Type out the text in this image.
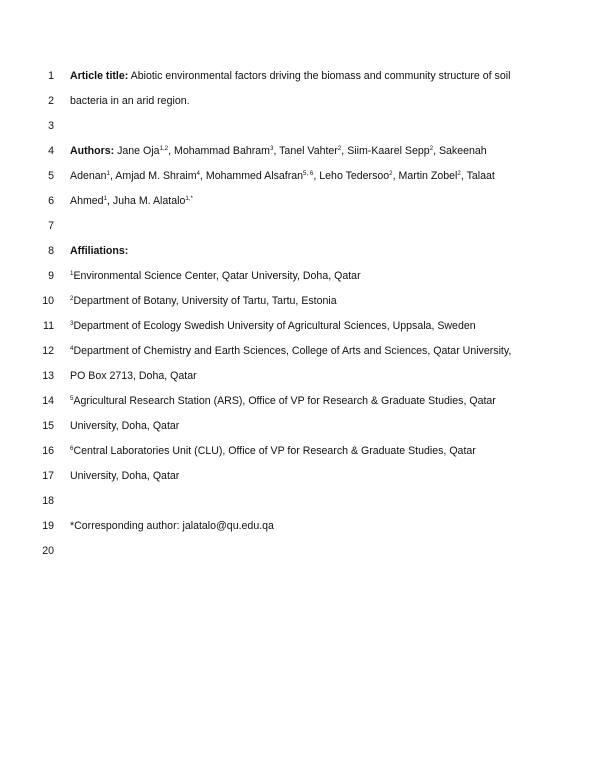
1 Article title: Abiotic environmental factors driving the biomass and community structure of soil
2 bacteria in an arid region.
3
4 Authors: Jane Oja$^{1,2}$, Mohammad Bahram$^3$, Tanel Vahter$^2$, Siim-Kaarel Sepp$^2$, Sakeenah
5 Adenan$^1$, Amjad M. Shraim$^4$, Mohammed Alsafran$^{5, 6}$, Leho Tedersoo$^2$, Martin Zobel$^2$, Talaat
6 Ahmed$^1$, Juha M. Alatalo$^{1,*}$
7
8 Affiliations:
9	$^1$Environmental Science Center, Qatar University, Doha, Qatar
10	$^2$Department of Botany, University of Tartu, Tartu, Estonia
11	$^3$Department of Ecology Swedish University of Agricultural Sciences, Uppsala, Sweden
12	$^4$Department of Chemistry and Earth Sciences, College of Arts and Sciences, Qatar University,
13 PO Box 2713, Doha, Qatar
14	$^5$Agricultural Research Station (ARS), Office of VP for Research & Graduate Studies, Qatar
15 University, Doha, Qatar
16	$^6$Central Laboratories Unit (CLU), Office of VP for Research & Graduate Studies, Qatar
17 University, Doha, Qatar
18
19 *Corresponding author: jalatalo@qu.edu.qa
20
